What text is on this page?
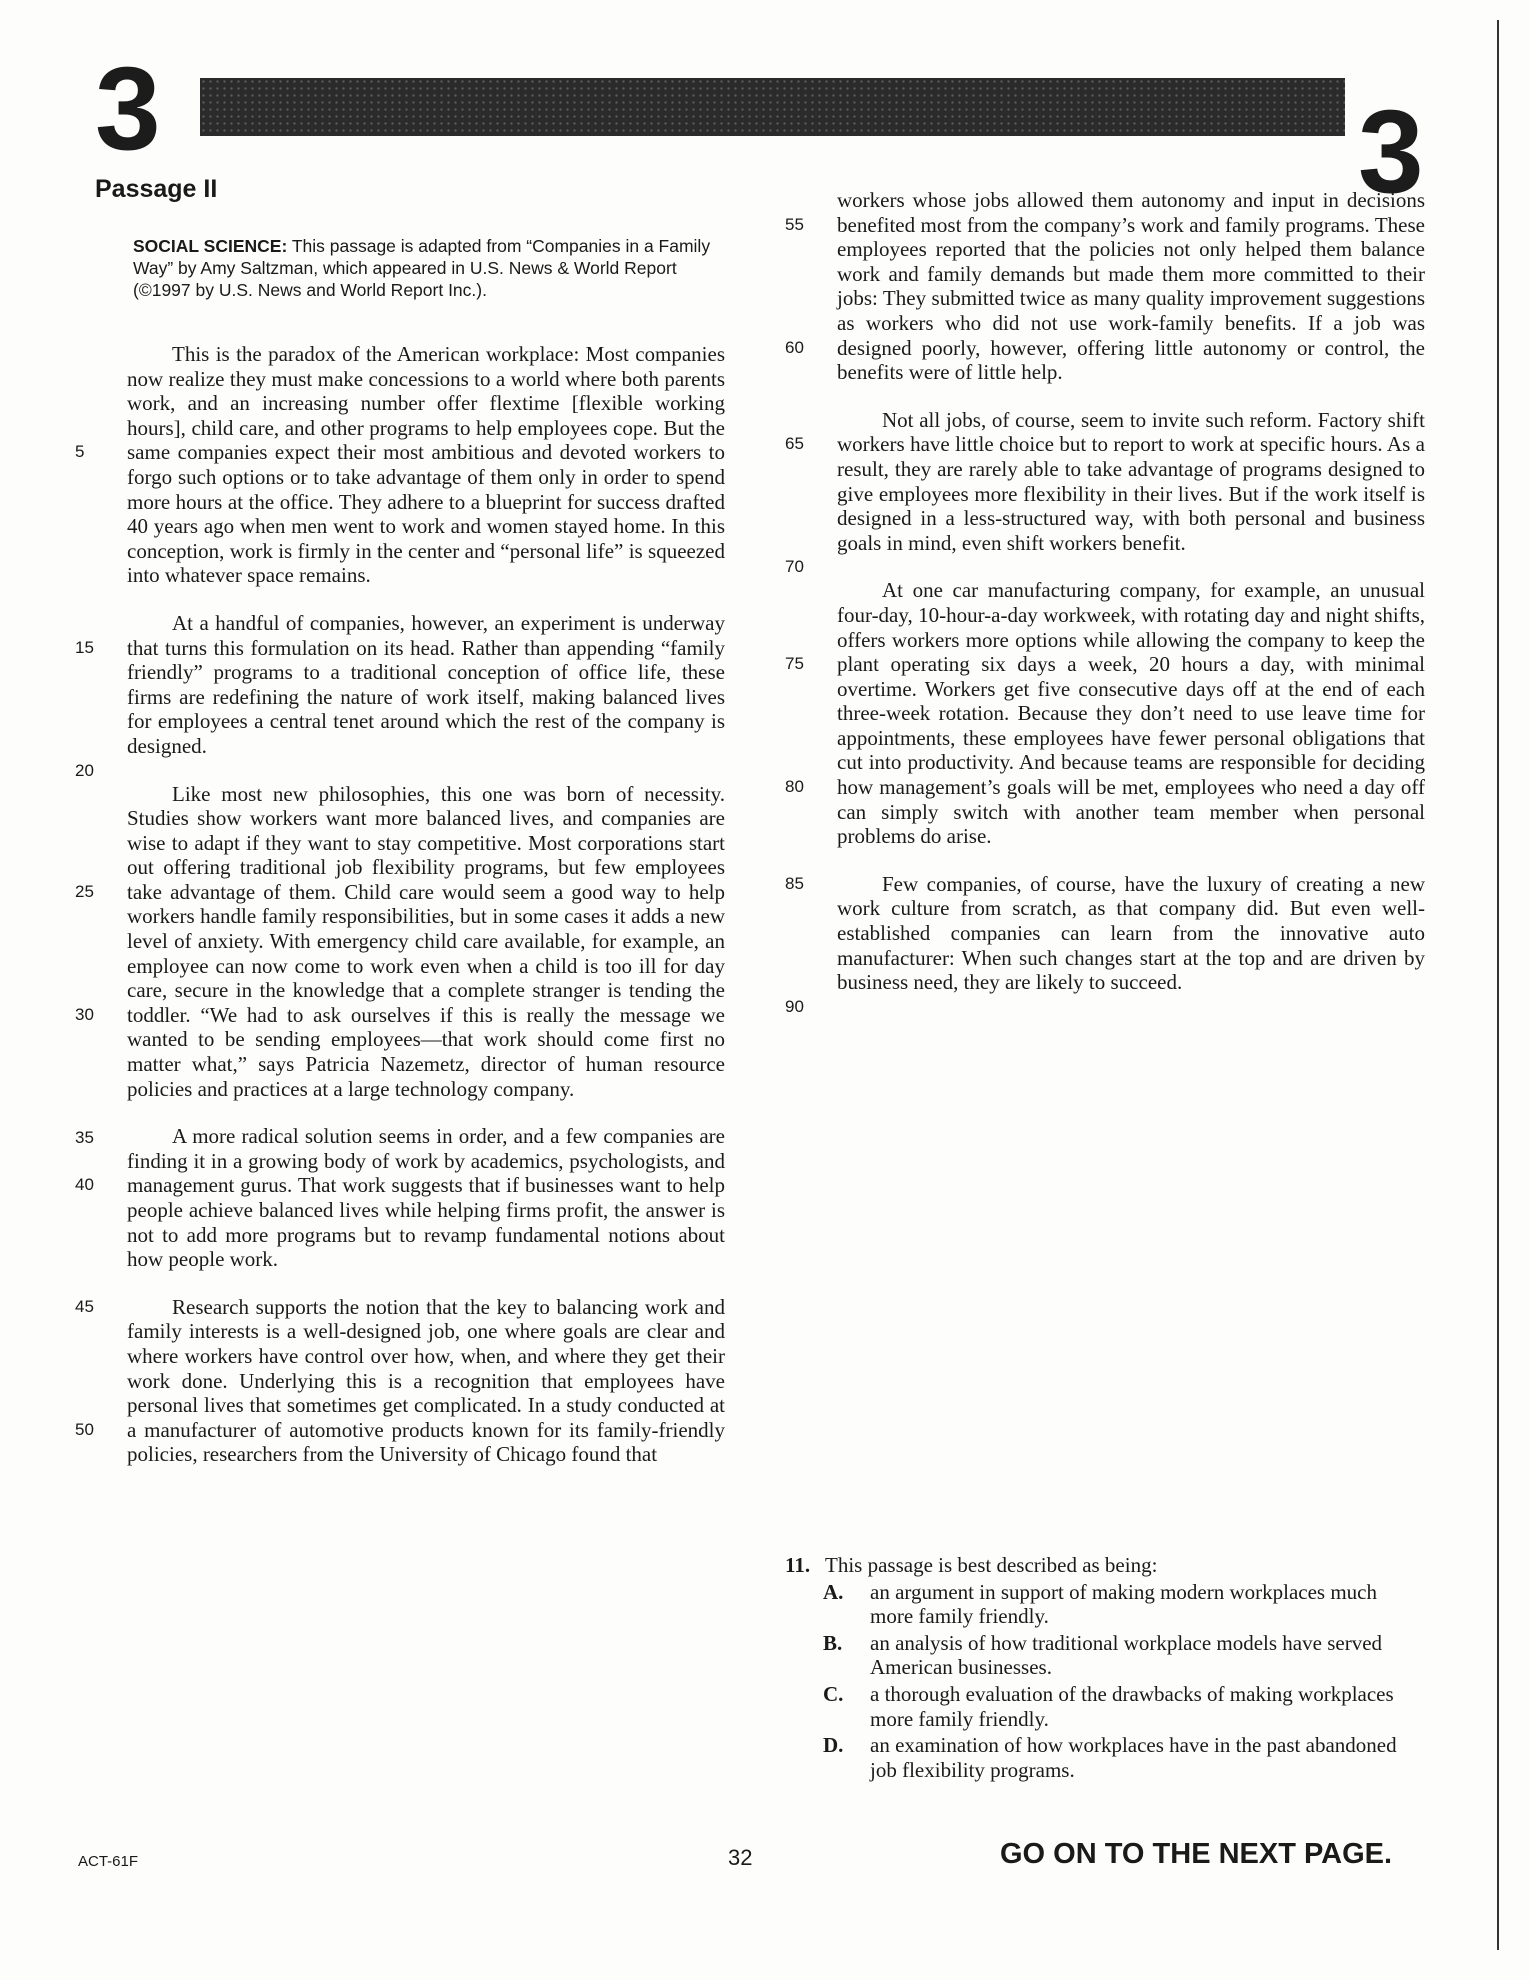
3	3
Passage II
SOCIAL SCIENCE: This passage is adapted from “Companies in a Family Way” by Amy Saltzman, which appeared in U.S. News & World Report (©1997 by U.S. News and World Report Inc.).
This is the paradox of the American workplace: Most companies now realize they must make concessions to a world where both parents work, and an increasing number offer flextime [flexible working hours], child care, and other programs to help employees cope. But the same companies expect their most ambitious and devoted workers to forgo such options or to take advantage of them only in order to spend more hours at the office. They adhere to a blueprint for success drafted 40 years ago when men went to work and women stayed home. In this conception, work is firmly in the center and “personal life” is squeezed into whatever space remains.
5
At a handful of companies, however, an experiment is underway that turns this formulation on its head. Rather than appending “family friendly” programs to a traditional conception of office life, these firms are redefining the nature of work itself, making balanced lives for employees a central tenet around which the rest of the company is designed.
15
20
Like most new philosophies, this one was born of necessity. Studies show workers want more balanced lives, and companies are wise to adapt if they want to stay competitive. Most corporations start out offering traditional job flexibility programs, but few employees take advantage of them. Child care would seem a good way to help workers handle family responsibilities, but in some cases it adds a new level of anxiety. With emergency child care available, for example, an employee can now come to work even when a child is too ill for day care, secure in the knowledge that a complete stranger is tending the toddler. “We had to ask ourselves if this is really the message we wanted to be sending employees—that work should come first no matter what,” says Patricia Nazemetz, director of human resource policies and practices at a large technology company.
25
30
35	A more radical solution seems in order, and a few companies are finding it in a growing body of work by academics, psychologists, and management gurus. That work suggests that if businesses want to help people achieve balanced lives while helping firms profit, the answer is not to add more programs but to revamp fundamental notions about how people work.
40
Research supports the notion that the key to balancing work and family interests is a well-designed job, one where goals are clear and where workers have control over how, when, and where they get their work done. Underlying this is a recognition that employees have personal lives that sometimes get complicated. In a study conducted at a manufacturer of automotive products known for its family-friendly policies, researchers from the University of Chicago found that
45
50
workers whose jobs allowed them autonomy and input in decisions benefited most from the company’s work and family programs. These employees reported that the policies not only helped them balance work and family demands but made them more committed to their jobs: They submitted twice as many quality improvement suggestions as workers who did not use work-family benefits. If a job was designed poorly, however, offering little autonomy or control, the benefits were of little help.
55
60
Not all jobs, of course, seem to invite such reform. Factory shift workers have little choice but to report to work at specific hours. As a result, they are rarely able to take advantage of programs designed to give employees more flexibility in their lives. But if the work itself is designed in a less-structured way, with both personal and business goals in mind, even shift workers benefit.
65
70
At one car manufacturing company, for example, an unusual four-day, 10-hour-a-day workweek, with rotating day and night shifts, offers workers more options while allowing the company to keep the plant operating six days a week, 20 hours a day, with minimal overtime. Workers get five consecutive days off at the end of each three-week rotation. Because they don’t need to use leave time for appointments, these employees have fewer personal obligations that cut into productivity. And because teams are responsible for deciding how management’s goals will be met, employees who need a day off can simply switch with another team member when personal problems do arise.
75
80
Few companies, of course, have the luxury of creating a new work culture from scratch, as that company did. But even well-established companies can learn from the innovative auto manufacturer: When such changes start at the top and are driven by business need, they are likely to succeed.
85
90
11. This passage is best described as being:
A.	an argument in support of making modern workplaces much more family friendly.
B.	an analysis of how traditional workplace models have served American businesses.
C.	a thorough evaluation of the drawbacks of making workplaces more family friendly.
D.	an examination of how workplaces have in the past abandoned job flexibility programs.
ACT-61F	32	GO ON TO THE NEXT PAGE.
